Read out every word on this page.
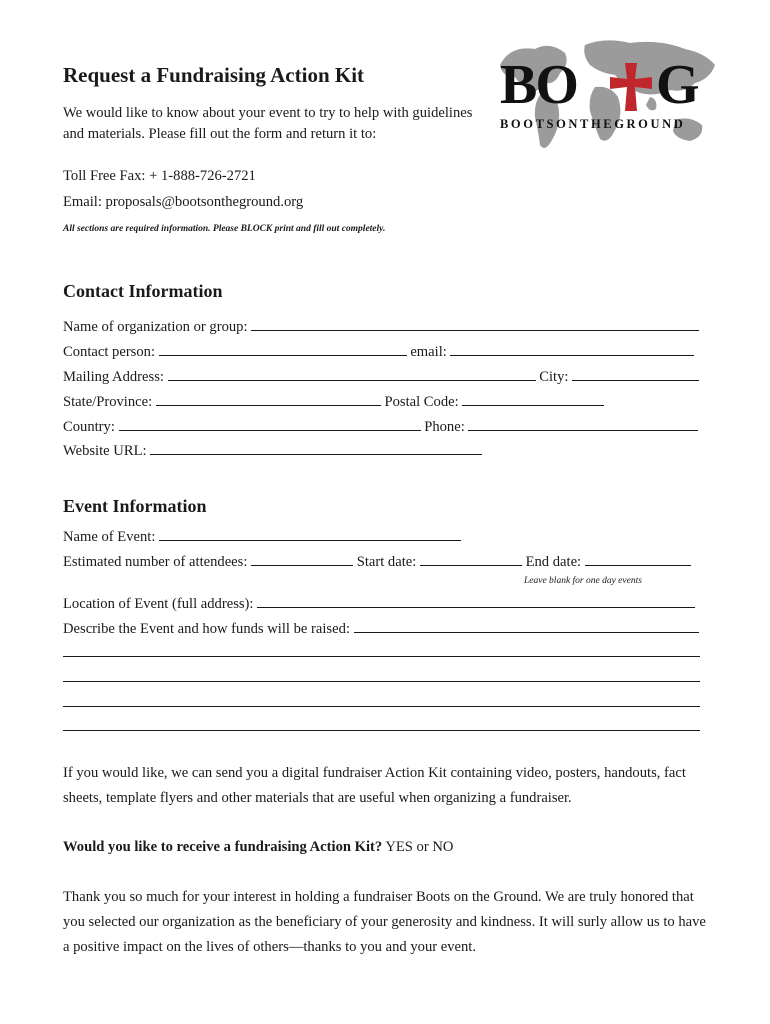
BO G
BOOTSONTHEGROUND
Request a Fundraising Action Kit
We would like to know about your event to try to help with guidelines
and materials. Please fill out the form and return it to:
Toll Free Fax: + 1-888-726-2721
Email: proposals@bootsontheground.org
All sections are required information. Please BLOCK print and fill out completely.
Contact Information
Name of organization or group:
Contact person:	email:
Mailing Address:	City:
State/Province:	Postal Code:
Country:	Phone:
Website URL:
Event Information
Name of Event:
Estimated number of attendees:	Start date:	End date:
Leave blank for one day events
Location of Event (full address):
Describe the Event and how funds will be raised:
If you would like, we can send you a digital fundraiser Action Kit containing video, posters, handouts, fact
sheets, template flyers and other materials that are useful when organizing a fundraiser.
Would you like to receive a fundraising Action Kit? YES or NO
Thank you so much for your interest in holding a fundraiser Boots on the Ground. We are truly honored that
you selected our organization as the beneficiary of your generosity and kindness. It will surly allow us to have
a positive impact on the lives of others—thanks to you and your event.
